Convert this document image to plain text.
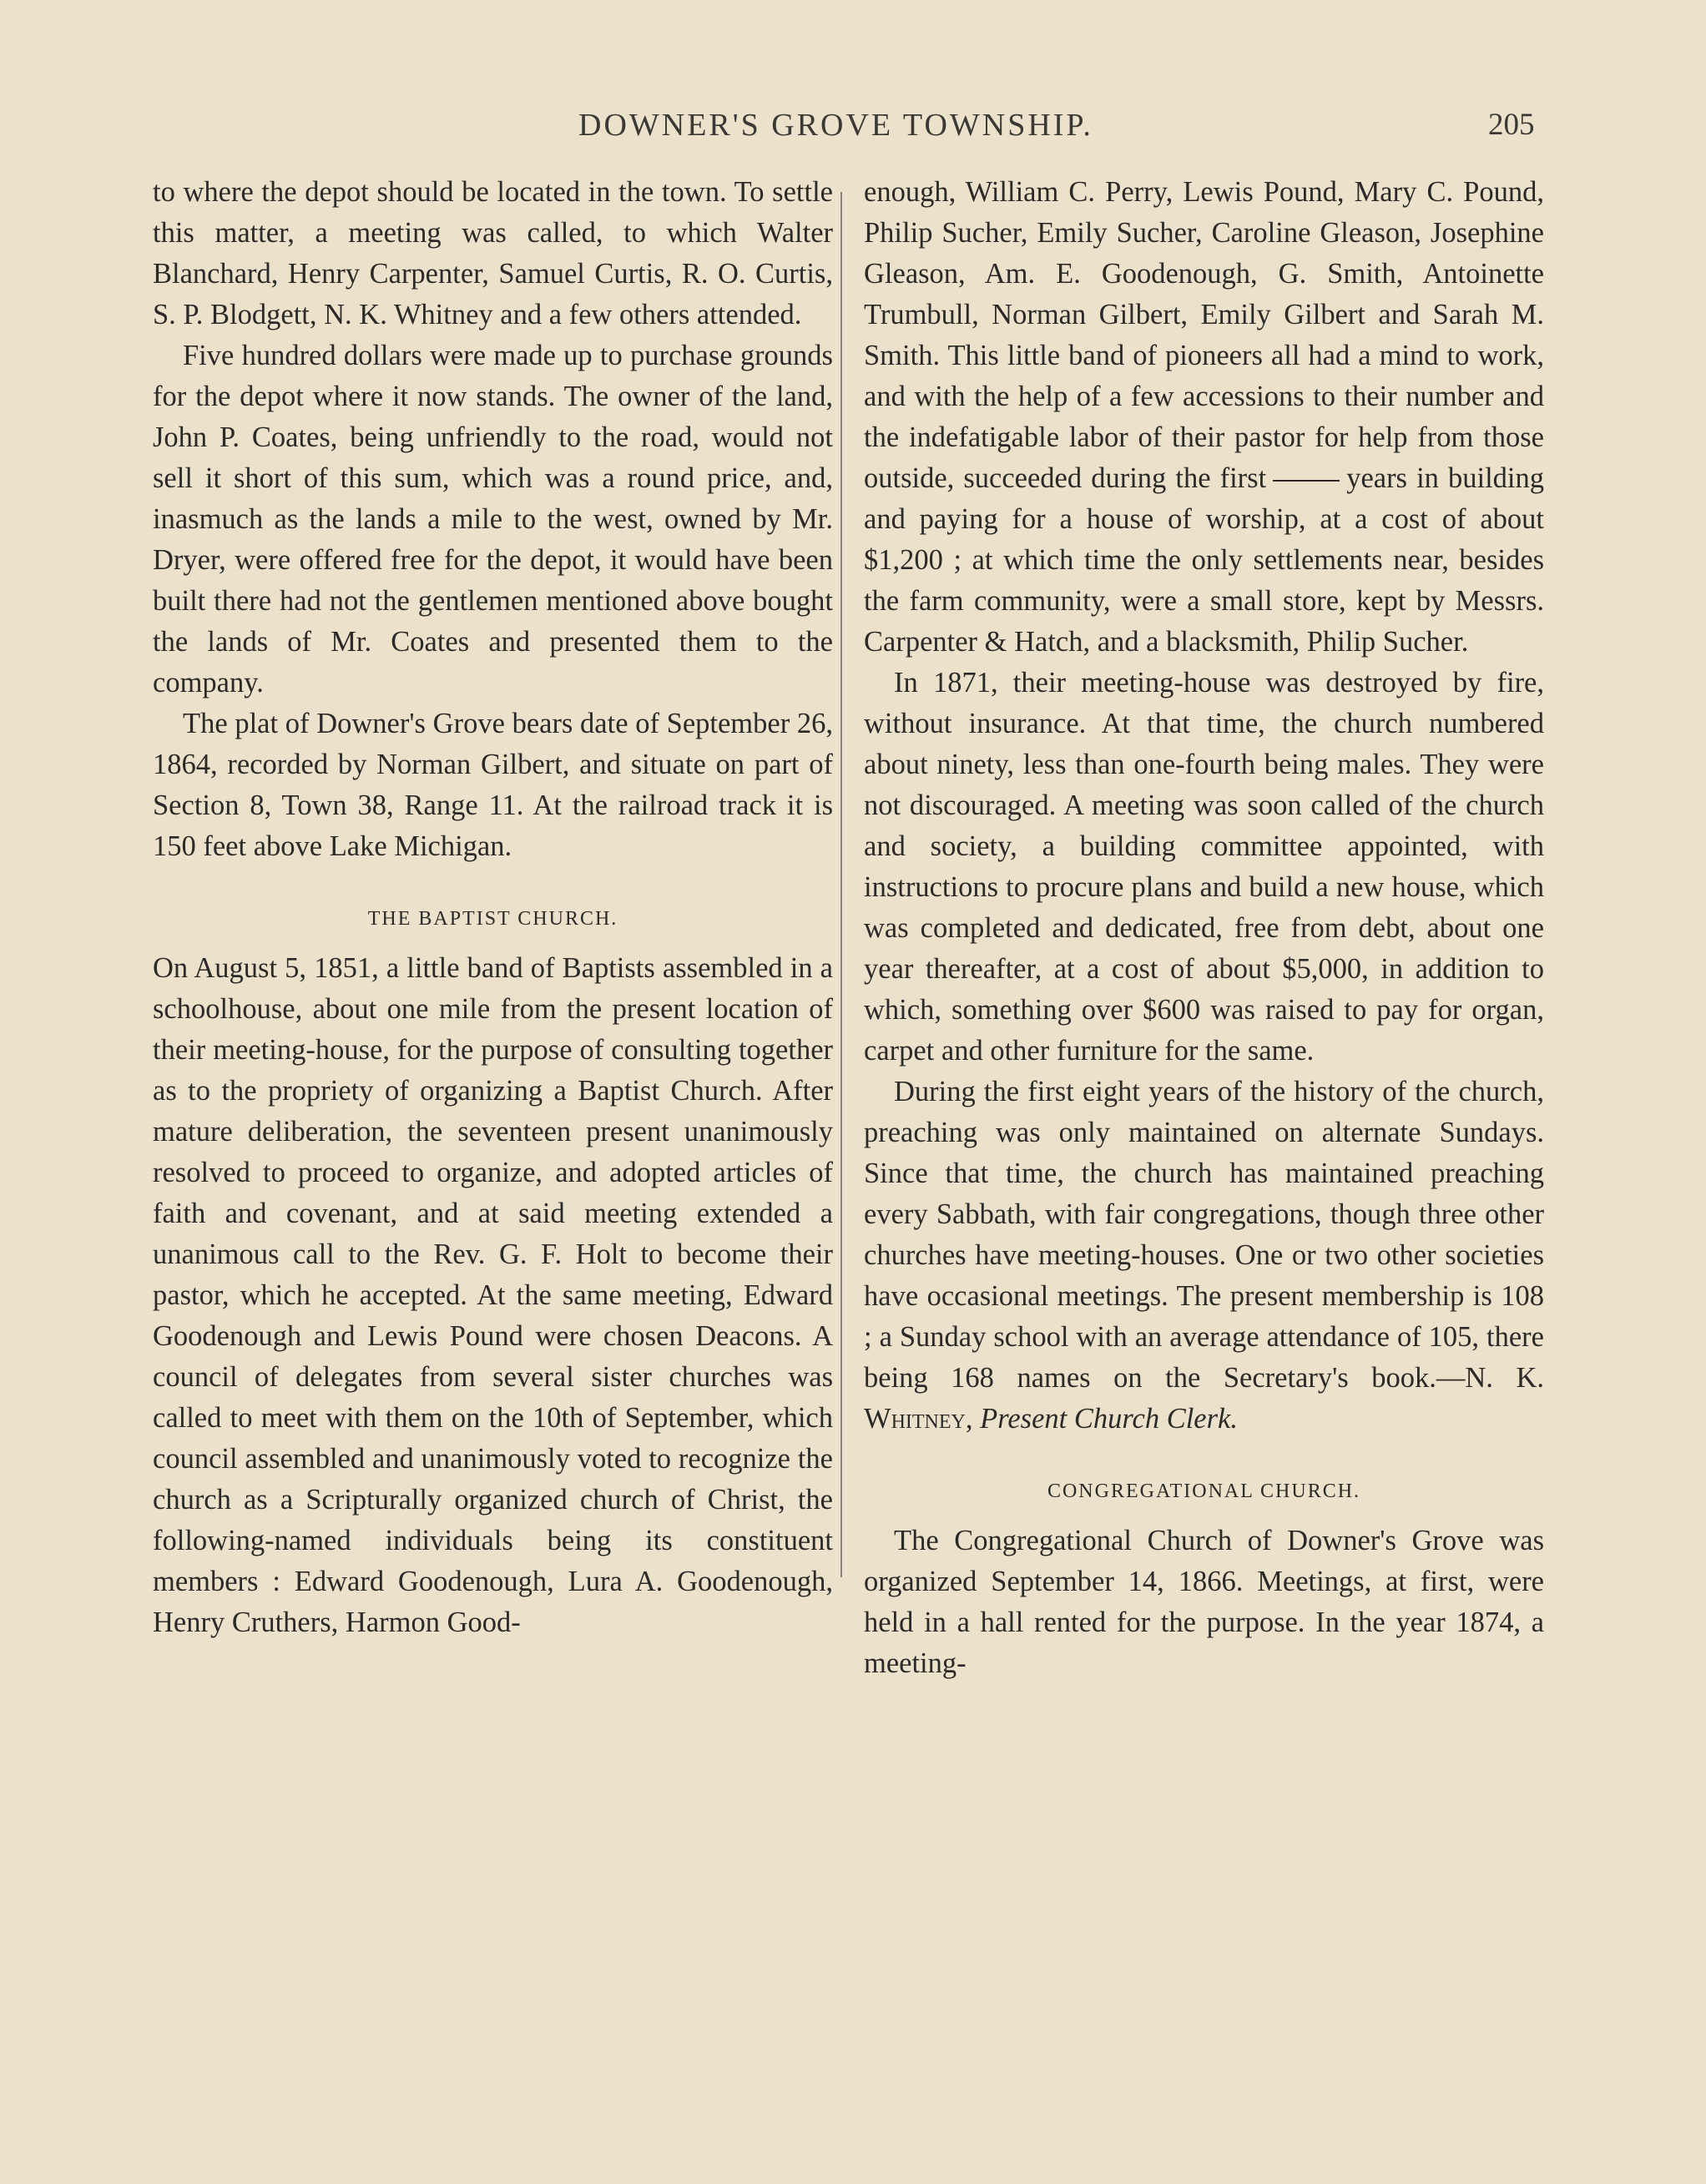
DOWNER'S GROVE TOWNSHIP.	205

to where the depot should be located in the town. To settle this matter, a meeting was called, to which Walter Blanchard, Henry Carpenter, Samuel Curtis, R. O. Curtis, S. P. Blodgett, N. K. Whitney and a few others attended.

Five hundred dollars were made up to purchase grounds for the depot where it now stands. The owner of the land, John P. Coates, being unfriendly to the road, would not sell it short of this sum, which was a round price, and, inasmuch as the lands a mile to the west, owned by Mr. Dryer, were offered free for the depot, it would have been built there had not the gentlemen mentioned above bought the lands of Mr. Coates and presented them to the company.

The plat of Downer's Grove bears date of September 26, 1864, recorded by Norman Gilbert, and situate on part of Section 8, Town 38, Range 11. At the railroad track it is 150 feet above Lake Michigan.

THE BAPTIST CHURCH.

On August 5, 1851, a little band of Baptists assembled in a schoolhouse, about one mile from the present location of their meeting-house, for the purpose of consulting together as to the propriety of organizing a Baptist Church. After mature deliberation, the seventeen present unanimously resolved to proceed to organize, and adopted articles of faith and covenant, and at said meeting extended a unanimous call to the Rev. G. F. Holt to become their pastor, which he accepted. At the same meeting, Edward Goodenough and Lewis Pound were chosen Deacons. A council of delegates from several sister churches was called to meet with them on the 10th of September, which council assembled and unanimously voted to recognize the church as a Scripturally organized church of Christ, the following-named individuals being its constituent members : Edward Goodenough, Lura A. Goodenough, Henry Cruthers, Harmon Good-

enough, William C. Perry, Lewis Pound, Mary C. Pound, Philip Sucher, Emily Sucher, Caroline Gleason, Josephine Gleason, Am. E. Goodenough, G. Smith, Antoinette Trumbull, Norman Gilbert, Emily Gilbert and Sarah M. Smith. This little band of pioneers all had a mind to work, and with the help of a few accessions to their number and the indefatigable labor of their pastor for help from those outside, succeeded during the first	years in building and paying for a house of worship, at a cost of about $1,200 ; at which time the only settlements near, besides the farm community, were a small store, kept by Messrs. Carpenter & Hatch, and a blacksmith, Philip Sucher.

In 1871, their meeting-house was destroyed by fire, without insurance. At that time, the church numbered about ninety, less than one-fourth being males. They were not discouraged. A meeting was soon called of the church and society, a building committee appointed, with instructions to procure plans and build a new house, which was completed and dedicated, free from debt, about one year thereafter, at a cost of about $5,000, in addition to which, something over $600 was raised to pay for organ, carpet and other furniture for the same.

During the first eight years of the history of the church, preaching was only maintained on alternate Sundays. Since that time, the church has maintained preaching every Sabbath, with fair congregations, though three other churches have meeting-houses. One or two other societies have occasional meetings. The present membership is 108 ; a Sunday school with an average attendance of 105, there being 168 names on the Secretary's book.—N. K. Whitney, Present Church Clerk.

CONGREGATIONAL CHURCH.

The Congregational Church of Downer's Grove was organized September 14, 1866. Meetings, at first, were held in a hall rented for the purpose. In the year 1874, a meeting-
